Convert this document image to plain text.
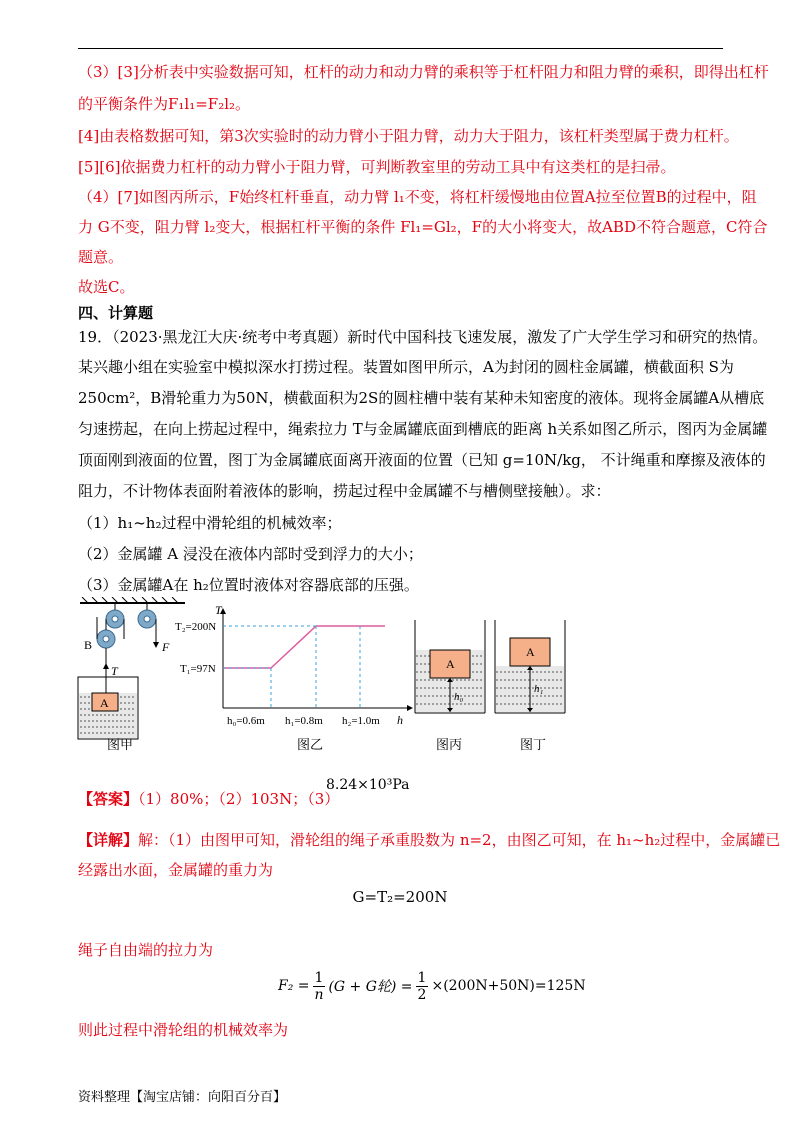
（3）[3]分析表中实验数据可知，杠杆的动力和动力臂的乘积等于杠杆阻力和阻力臂的乘积，即得出杠杆
的平衡条件为F₁l₁=F₂l₂。
[4]由表格数据可知，第3次实验时的动力臂小于阻力臂，动力大于阻力，该杠杆类型属于费力杠杆。
[5][6]依据费力杠杆的动力臂小于阻力臂，可判断教室里的劳动工具中有这类杠的是扫帚。
（4）[7]如图丙所示，F始终杠杆垂直，动力臂 l₁不变，将杠杆缓慢地由位置A拉至位置B的过程中，阻
力 G不变，阻力臂 l₂变大，根据杠杆平衡的条件 Fl₁=Gl₂，F的大小将变大，故ABD不符合题意，C符合
题意。
故选C。
四、计算题
19．（2023·黑龙江大庆·统考中考真题）新时代中国科技飞速发展，激发了广大学生学习和研究的热情。
某兴趣小组在实验室中模拟深水打捞过程。装置如图甲所示，A为封闭的圆柱金属罐，横截面积 S为
250cm²，B滑轮重力为50N，横截面积为2S的圆柱槽中装有某种未知密度的液体。现将金属罐A从槽底
匀速捞起，在向上捞起过程中，绳索拉力 T与金属罐底面到槽底的距离 h关系如图乙所示，图丙为金属罐
顶面刚到液面的位置，图丁为金属罐底面离开液面的位置（已知 g=10N/kg， 不计绳重和摩擦及液体的
阻力，不计物体表面附着液体的影响，捞起过程中金属罐不与槽侧壁接触）。求：
（1）h₁~h₂过程中滑轮组的机械效率；
（2）金属罐 A 浸没在液体内部时受到浮力的大小；
（3）金属罐A在 h₂位置时液体对容器底部的压强。
A
B
T
F
图甲
T
h
T₂=200N
T₁=97N
h₀=0.6m h₁=0.8m h₂=1.0m
图乙
A
h₀
图丙
A
h₁
图丁
【答案】（1）80%；（2）103N；（3）
8.24×10³Pa
【详解】解：（1）由图甲可知，滑轮组的绳子承重股数为 n=2，由图乙可知，在 h₁~h₂过程中，金属罐已
经露出水面，金属罐的重力为
G=T₂=200N
绳子自由端的拉力为
$F_2 = \frac{1}{n} (G + G$轮) = $\frac{1}{2} \times(200N+50N)=125N$
则此过程中滑轮组的机械效率为
资料整理【淘宝店铺：向阳百分百】
